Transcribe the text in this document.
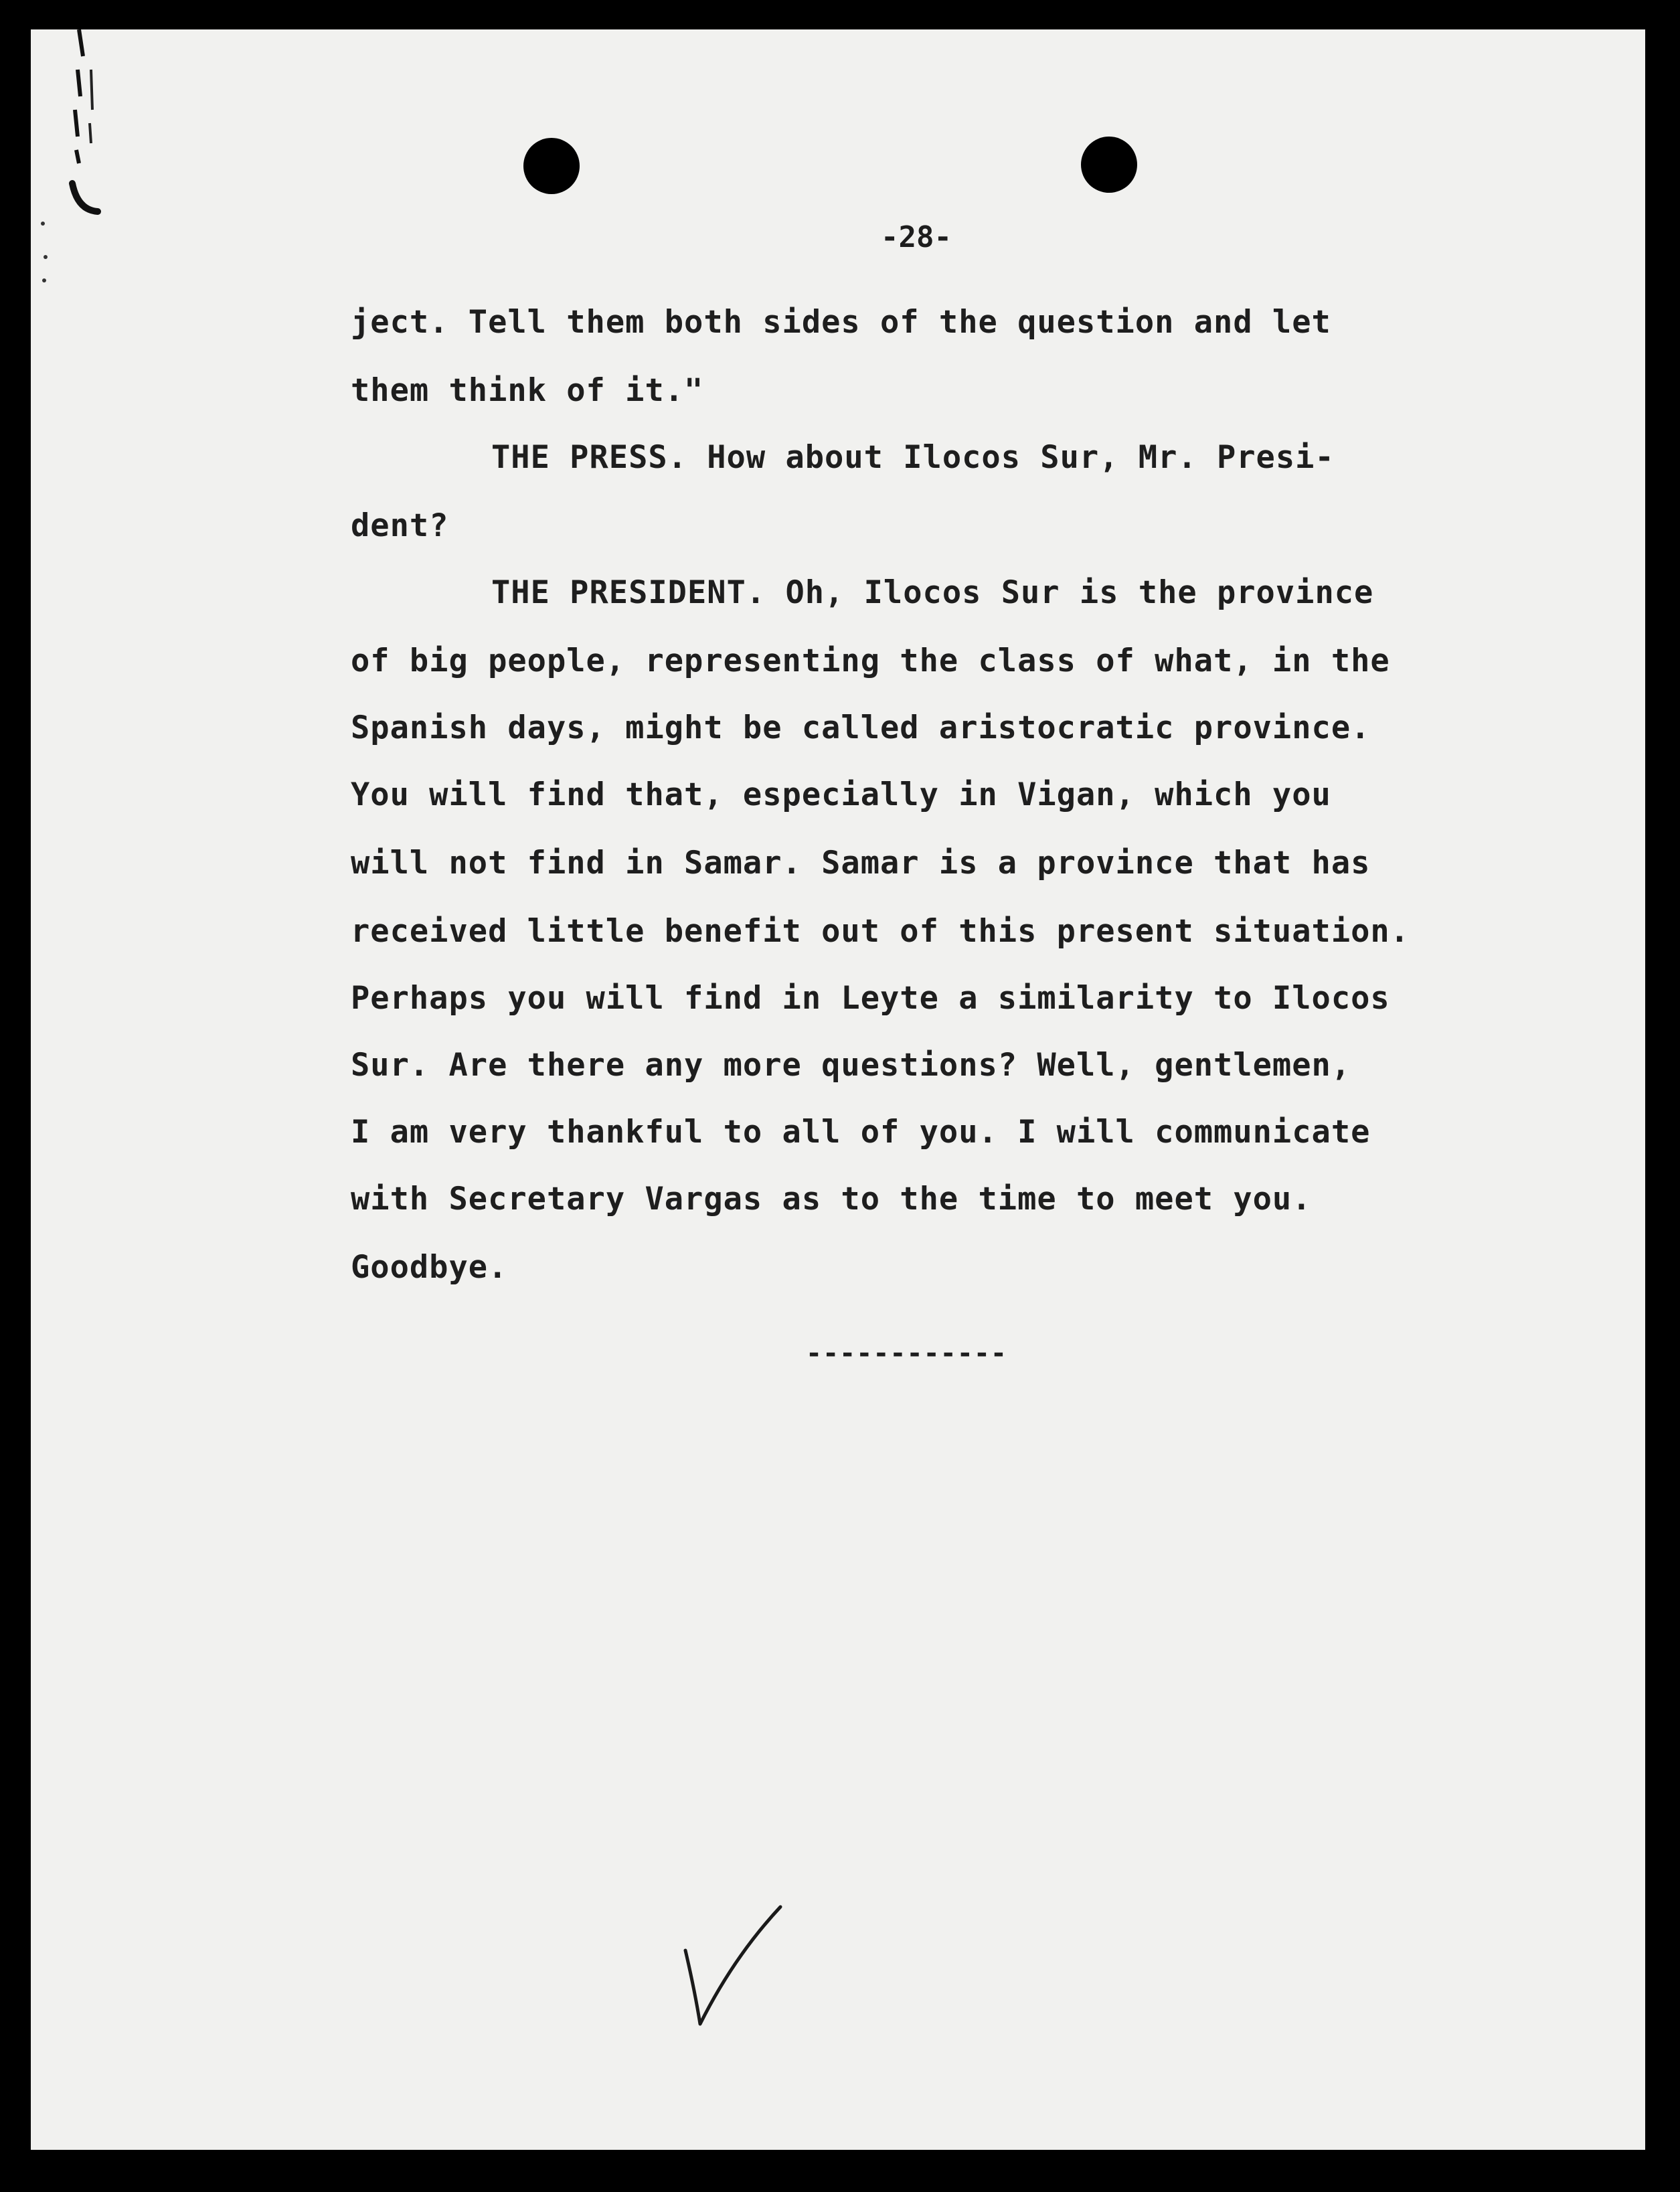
-28-

ject. Tell them both sides of the question and let

them think of it."

THE PRESS. How about Ilocos Sur, Mr. Presi-

dent?

THE PRESIDENT. Oh, Ilocos Sur is the province

of big people, representing the class of what, in the

Spanish days, might be called aristocratic province.

You will find that, especially in Vigan, which you

will not find in Samar. Samar is a province that has

received little benefit out of this present situation.

Perhaps you will find in Leyte a similarity to Ilocos

Sur. Are there any more questions? Well, gentlemen,

I am very thankful to all of you. I will communicate

with Secretary Vargas as to the time to meet you.

Goodbye.

------------
